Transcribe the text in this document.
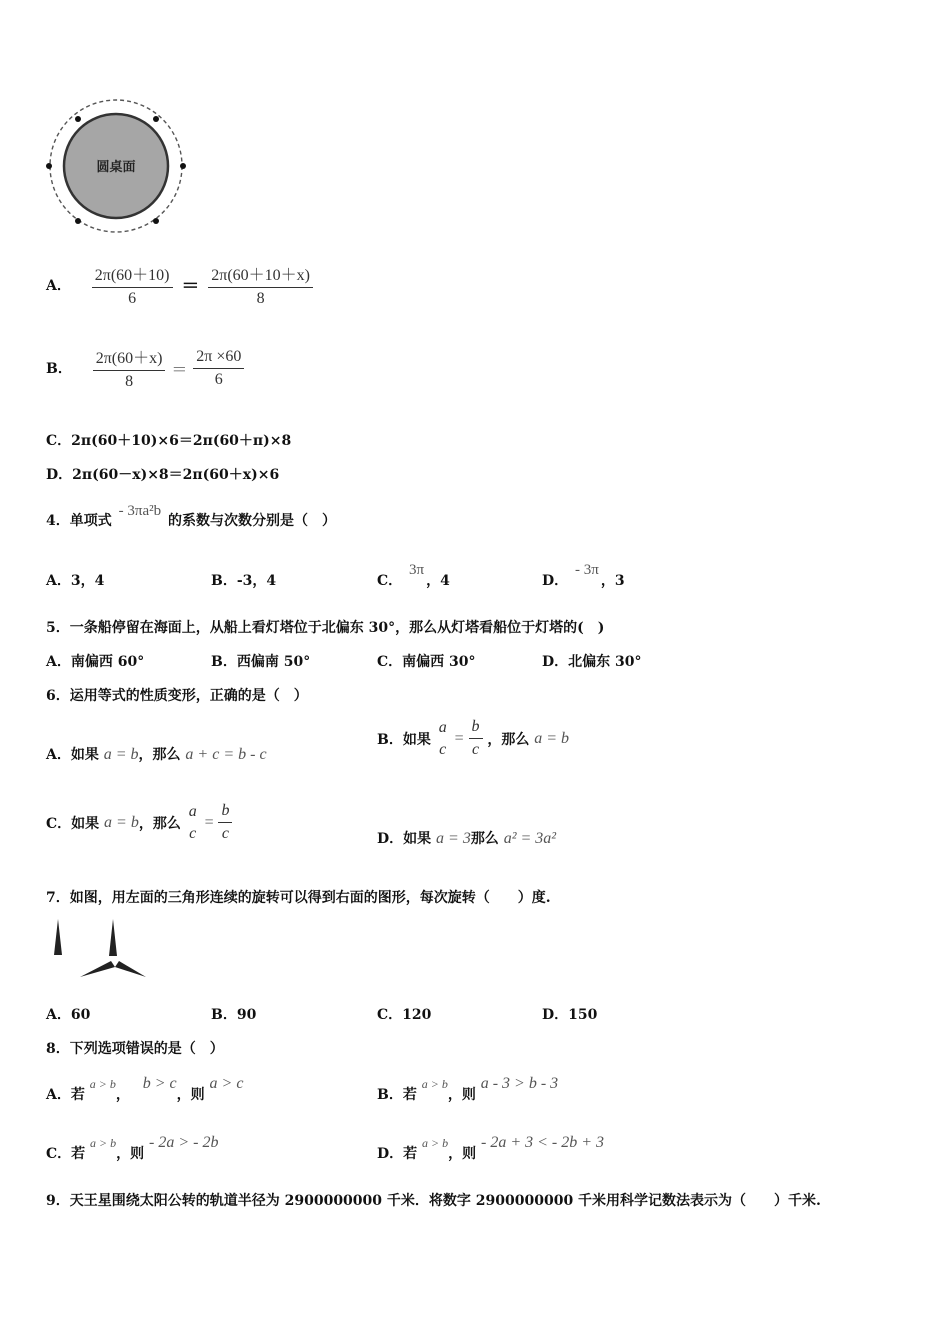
圆桌面
A． $\frac{2\pi(60+10)}{6} = \frac{2\pi(60+10+x)}{8}$
B． $\frac{2\pi(60+x)}{8} = \frac{2\pi \times 60}{6}$
C．2π(60＋10)×6＝2π(60＋π)×8
D．2π(60－x)×8＝2π(60＋x)×6
4．单项式 - 3πa²b 的系数与次数分别是（　）
A．3，4	B．-3，4	C． 3π，4	D． - 3π，3
5．一条船停留在海面上，从船上看灯塔位于北偏东 30°，那么从灯塔看船位于灯塔的(　)
A．南偏西 60°	B．西偏南 50°	C．南偏西 30°	D．北偏东 30°
6．运用等式的性质变形，正确的是（　）
A．如果 a = b，那么 a + c = b - c
B．如果
a
c
= $\frac{b}{c}$ ，那么 a = b
C．如果 a = b，那么
a
c
= $\frac{b}{c}$	D．如果 a = 3那么 a² = 3a²
7．如图，用左面的三角形连续的旋转可以得到右面的图形，每次旋转（　　）度.
A．60	B．90	C．120	D．150
8．下列选项错误的是（　）
A．若 a > b， b > c，则 a > c
B．若 a > b，则 a - 3 > b - 3
C．若 a > b，则 - 2a > - 2b
D．若 a > b，则 - 2a + 3 < - 2b + 3
9．天王星围绕太阳公转的轨道半径为 2900000000 千米．将数字 2900000000 千米用科学记数法表示为（　　）千米.
